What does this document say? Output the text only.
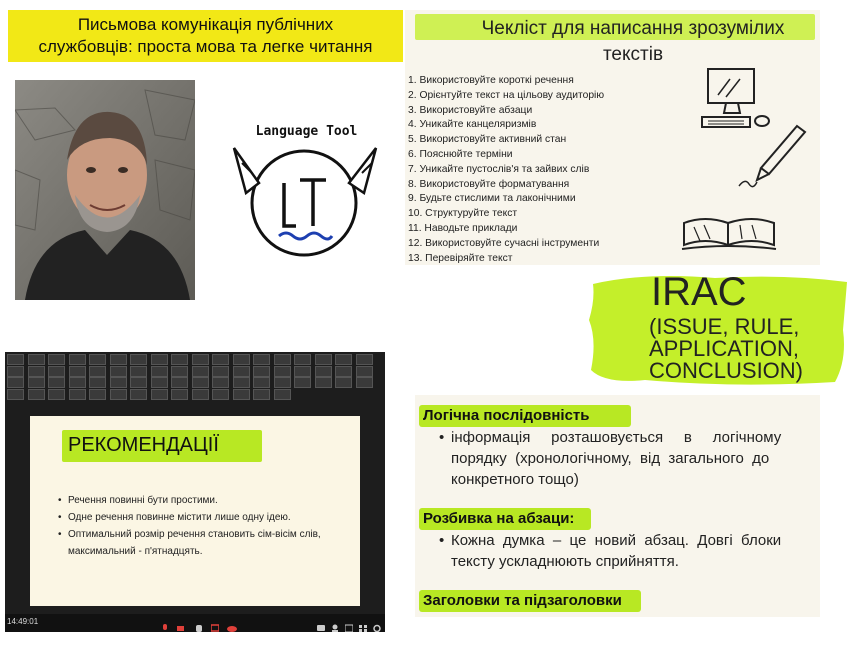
Письмова комунікація публічних
службовців: проста мова та легке читання
Language Tool
Чекліст для написання зрозумілих
текстів
1. Використовуйте короткі речення
2. Орієнтуйте текст на цільову аудиторію
3. Використовуйте абзаци
4. Уникайте канцеляризмів
5. Використовуйте активний стан
6. Пояснюйте терміни
7. Уникайте пустослів'я та зайвих слів
8. Використовуйте форматування
9. Будьте стислими та лаконічними
10. Структуруйте текст
11. Наводьте приклади
12. Використовуйте сучасні інструменти
13. Перевіряйте текст
IRAC
(ISSUE, RULE,
APPLICATION,
CONCLUSION)
Логічна послідовність
• інформація     розташовується     в     логічному
порядку  (хронологічному,  від  загального  до
конкретного тощо)
Розбивка на абзаци:
• Кожна  думка  –  це  новий  абзац.  Довгі  блоки
тексту ускладнюють сприйняття.
Заголовки та підзаголовки
РЕКОМЕНДАЦІЇ
• Речення повинні бути простими.
• Одне речення повинне містити лише одну ідею.
• Оптимальний розмір речення становить сім-вісім слів, максимальний - п'ятнадцять.
14:49:01
